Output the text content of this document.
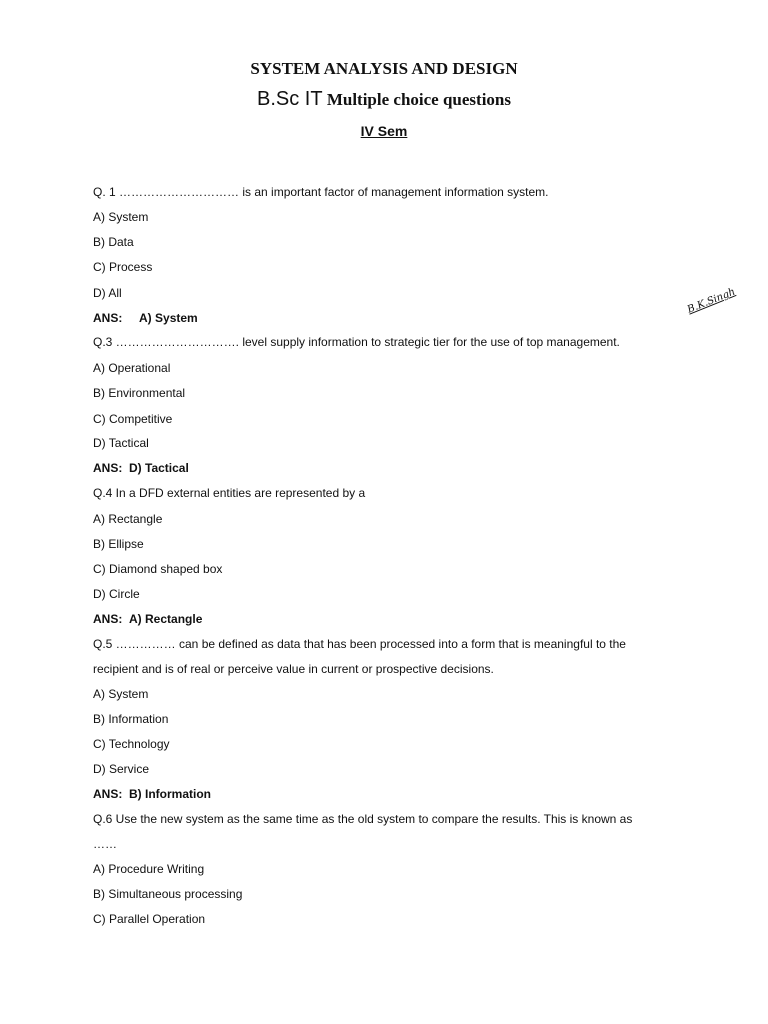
SYSTEM ANALYSIS AND DESIGN
B.Sc IT Multiple choice questions
IV Sem
B.K.Singh
Q. 1 ………………………… is an important factor of management information system.
A) System
B) Data
C) Process
D) All
ANS: A) System
Q.3 …………………………. level supply information to strategic tier for the use of top management.
A) Operational
B) Environmental
C) Competitive
D) Tactical
ANS: D) Tactical
Q.4 In a DFD external entities are represented by a
A) Rectangle
B) Ellipse
C) Diamond shaped box
D) Circle
ANS: A) Rectangle
Q.5 …………… can be defined as data that has been processed into a form that is meaningful to the
recipient and is of real or perceive value in current or prospective decisions.
A) System
B) Information
C) Technology
D) Service
ANS: B) Information
Q.6 Use the new system as the same time as the old system to compare the results. This is known as
……
A) Procedure Writing
B) Simultaneous processing
C) Parallel Operation
